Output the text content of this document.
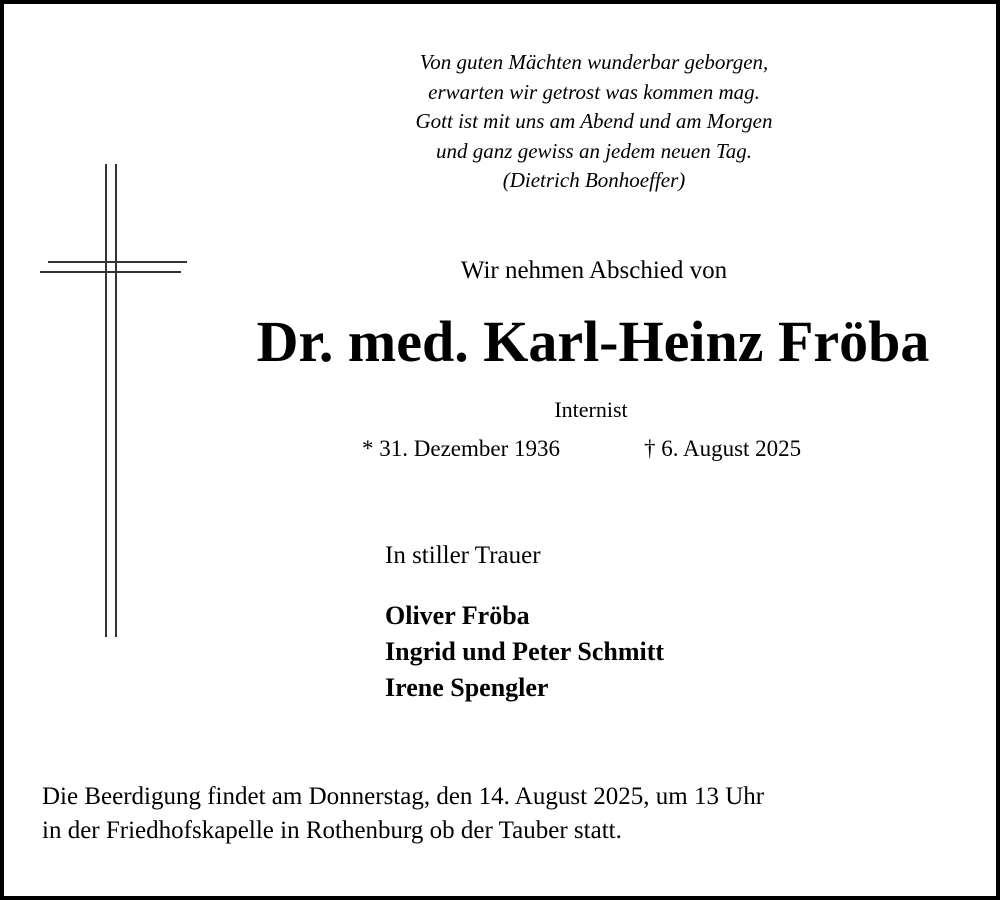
Von guten Mächten wunderbar geborgen,
erwarten wir getrost was kommen mag.
Gott ist mit uns am Abend und am Morgen
und ganz gewiss an jedem neuen Tag.
(Dietrich Bonhoeffer)
Wir nehmen Abschied von
Dr. med. Karl-Heinz Fröba
Internist
* 31. Dezember 1936	† 6. August 2025
In stiller Trauer
Oliver Fröba
Ingrid und Peter Schmitt
Irene Spengler
Die Beerdigung findet am Donnerstag, den 14. August 2025, um 13 Uhr
in der Friedhofskapelle in Rothenburg ob der Tauber statt.
